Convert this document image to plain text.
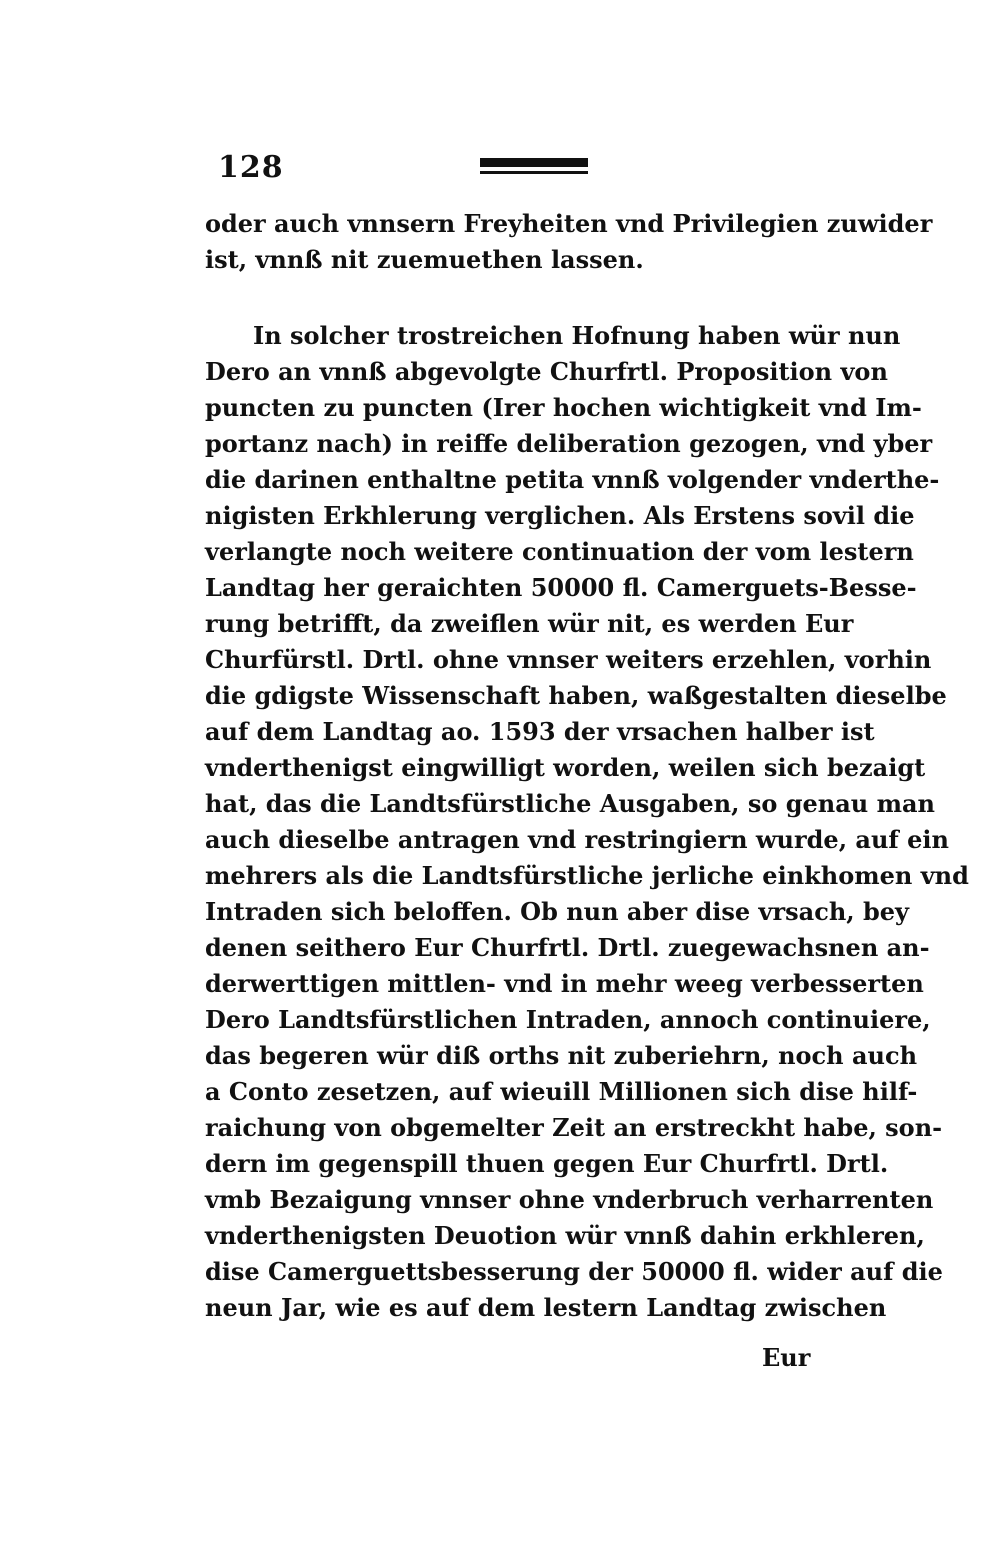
128
oder auch vnnsern Freyheiten vnd Privilegien zuwider
ist, vnnß nit zuemuethen lassen.
In solcher trostreichen Hofnung haben wür nun
Dero an vnnß abgevolgte Churfrtl. Proposition von
puncten zu puncten (Irer hochen wichtigkeit vnd Im-
portanz nach) in reiffe deliberation gezogen, vnd yber
die darinen enthaltne petita vnnß volgender vnderthe-
nigisten Erkhlerung verglichen. Als Erstens sovil die
verlangte noch weitere continuation der vom lestern
Landtag her geraichten 50000 fl. Camerguets-Besse-
rung betrifft, da zweiflen wür nit, es werden Eur
Churfürstl. Drtl. ohne vnnser weiters erzehlen, vorhin
die gdigste Wissenschaft haben, waßgestalten dieselbe
auf dem Landtag ao. 1593 der vrsachen halber ist
vnderthenigst eingwilligt worden, weilen sich bezaigt
hat, das die Landtsfürstliche Ausgaben, so genau man
auch dieselbe antragen vnd restringiern wurde, auf ein
mehrers als die Landtsfürstliche jerliche einkhomen vnd
Intraden sich beloffen. Ob nun aber dise vrsach, bey
denen seithero Eur Churfrtl. Drtl. zuegewachsnen an-
derwerttigen mittlen- vnd in mehr weeg verbesserten
Dero Landtsfürstlichen Intraden, annoch continuiere,
das begeren wür diß orths nit zuberiehrn, noch auch
a Conto zesetzen, auf wieuill Millionen sich dise hilf-
raichung von obgemelter Zeit an erstreckht habe, son-
dern im gegenspill thuen gegen Eur Churfrtl. Drtl.
vmb Bezaigung vnnser ohne vnderbruch verharrenten
vnderthenigsten Deuotion wür vnnß dahin erkhleren,
dise Camerguettsbesserung der 50000 fl. wider auf die
neun Jar, wie es auf dem lestern Landtag zwischen
Eur
